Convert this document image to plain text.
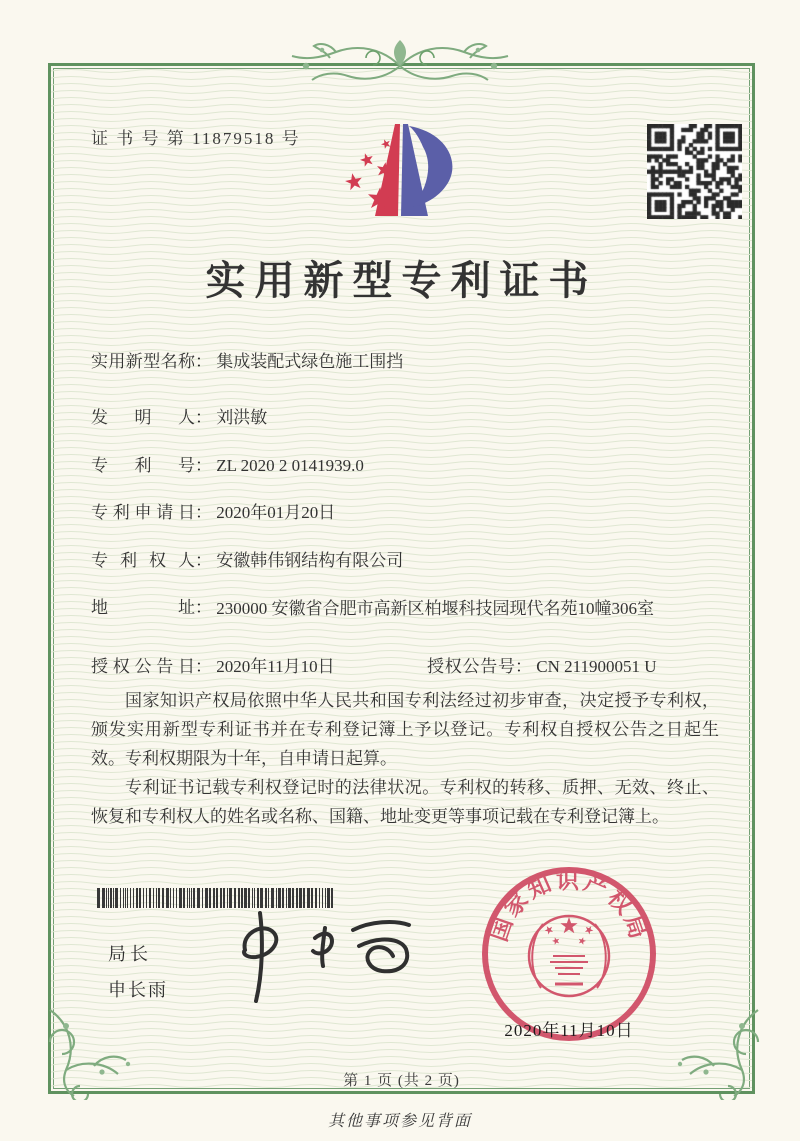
证 书 号 第 11879518 号
实用新型专利证书
实用新型名称： 集成装配式绿色施工围挡
发明人： 刘洪敏
专利号： ZL 2020 2 0141939.0
专利申请日： 2020年01月20日
专利权人： 安徽韩伟钢结构有限公司
地址： 230000 安徽省合肥市高新区柏堰科技园现代名苑10幢306室
授权公告日： 2020年11月10日	授权公告号： CN 211900051 U

国家知识产权局依照中华人民共和国专利法经过初步审查，决定授予专利权，颁发实用新型专利证书并在专利登记簿上予以登记。专利权自授权公告之日起生效。专利权期限为十年，自申请日起算。

专利证书记载专利权登记时的法律状况。专利权的转移、质押、无效、终止、恢复和专利权人的姓名或名称、国籍、地址变更等事项记载在专利登记簿上。

局长
申长雨
国家知识产权局
2020年11月10日
第 1 页 (共 2 页)
其他事项参见背面
